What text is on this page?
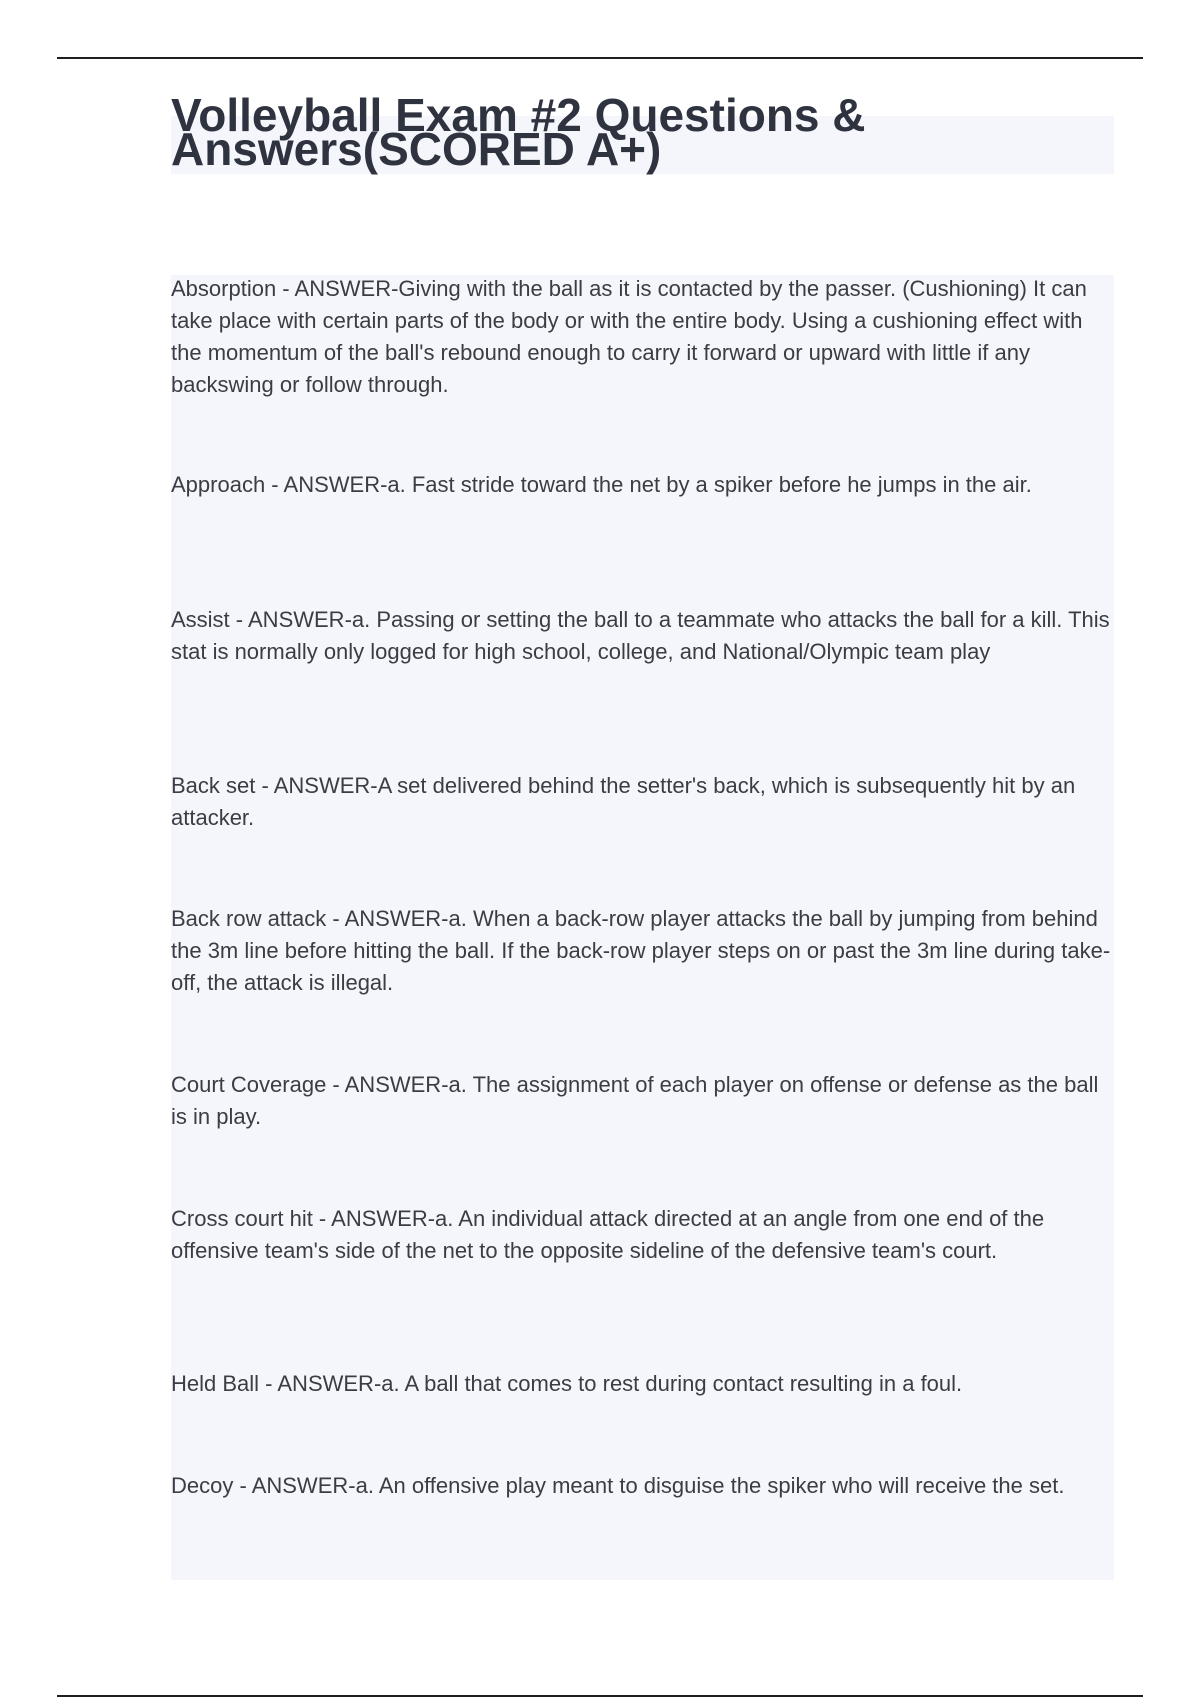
Volleyball Exam #2 Questions & Answers(SCORED A+)
Absorption - ANSWER-Giving with the ball as it is contacted by the passer. (Cushioning) It can take place with certain parts of the body or with the entire body. Using a cushioning effect with the momentum of the ball's rebound enough to carry it forward or upward with little if any backswing or follow through.
Approach - ANSWER-a. Fast stride toward the net by a spiker before he jumps in the air.
Assist - ANSWER-a. Passing or setting the ball to a teammate who attacks the ball for a kill. This stat is normally only logged for high school, college, and National/Olympic team play
Back set - ANSWER-A set delivered behind the setter's back, which is subsequently hit by an attacker.
Back row attack - ANSWER-a. When a back-row player attacks the ball by jumping from behind the 3m line before hitting the ball. If the back-row player steps on or past the 3m line during take-off, the attack is illegal.
Court Coverage - ANSWER-a. The assignment of each player on offense or defense as the ball is in play.
Cross court hit - ANSWER-a. An individual attack directed at an angle from one end of the offensive team's side of the net to the opposite sideline of the defensive team's court.
Held Ball - ANSWER-a. A ball that comes to rest during contact resulting in a foul.
Decoy - ANSWER-a. An offensive play meant to disguise the spiker who will receive the set.
